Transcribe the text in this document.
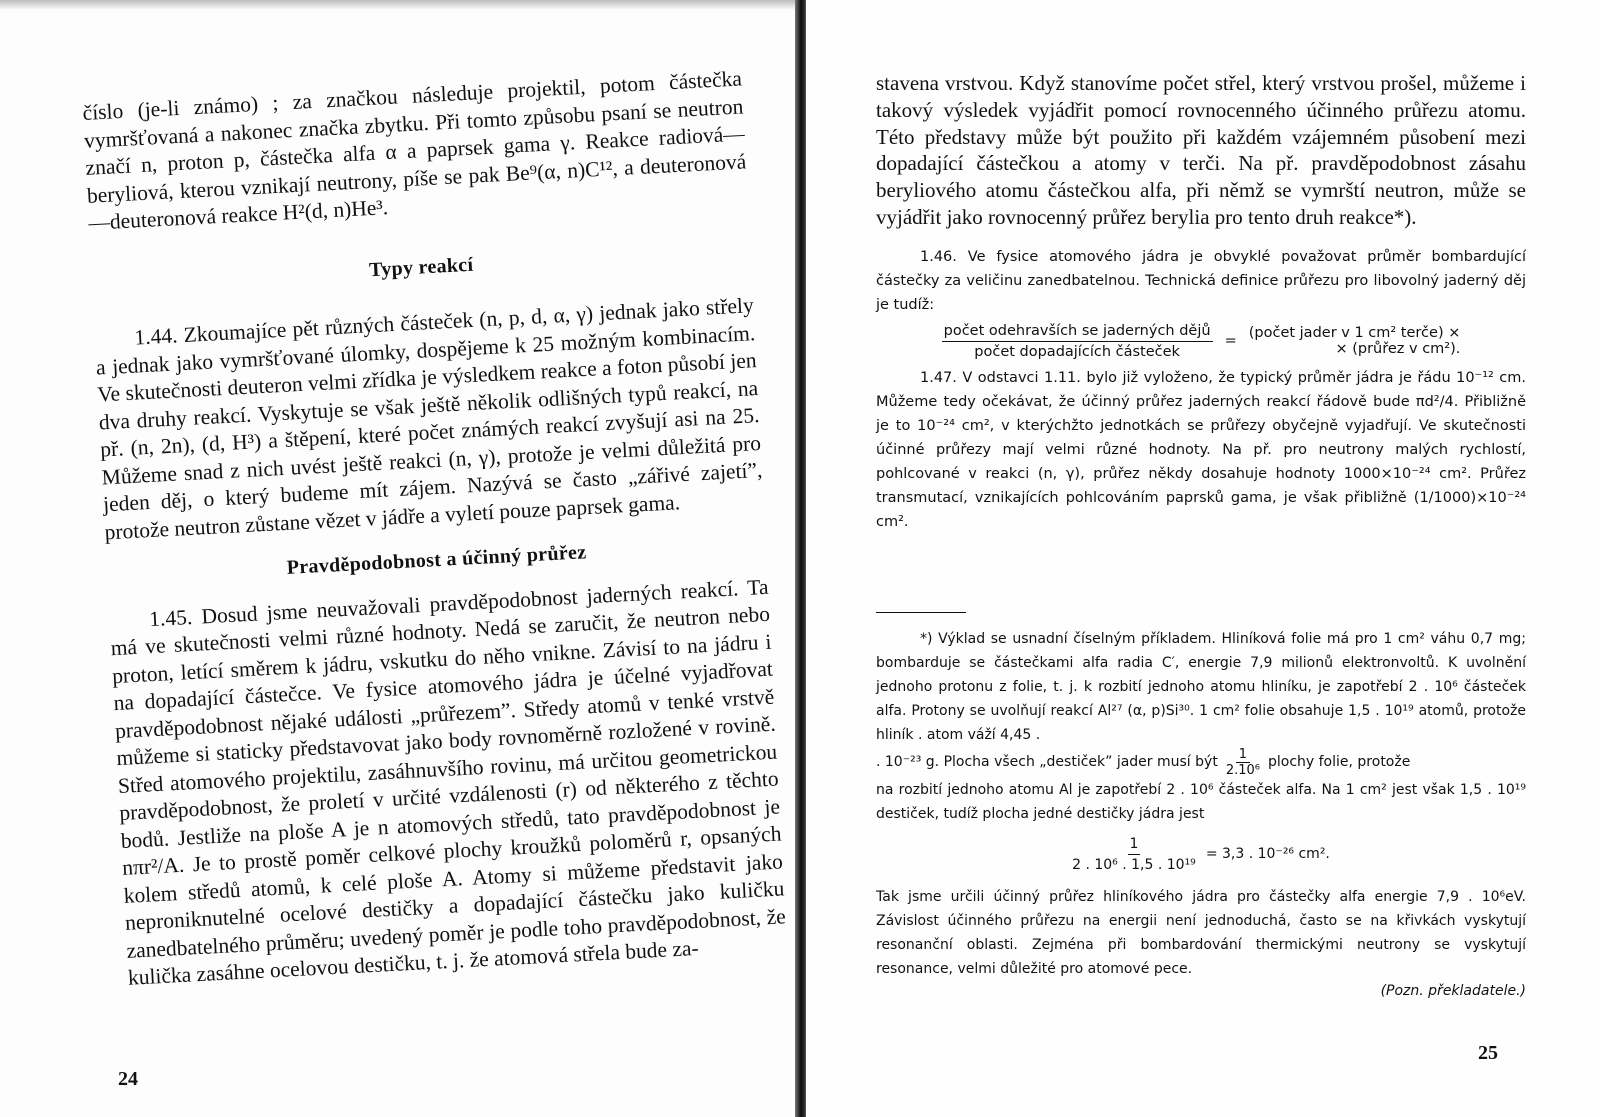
číslo (je-li známo) ; za značkou následuje projektil, potom částečka vymršťovaná a nakonec značka zbytku. Při tomto způsobu psaní se neutron značí n, proton p, částečka alfa α a paprsek gama γ. Reakce radiová—beryliová, kterou vznikají neutrony, píše se pak Be⁹(α, n)C¹², a deuteronová—deuteronová reakce H²(d, n)He³.

Typy reakcí

1.44. Zkoumajíce pět různých částeček (n, p, d, α, γ) jednak jako střely a jednak jako vymršťované úlomky, dospějeme k 25 možným kombinacím. Ve skutečnosti deuteron velmi zřídka je výsledkem reakce a foton působí jen dva druhy reakcí. Vyskytuje se však ještě několik odlišných typů reakcí, na př. (n, 2n), (d, H³) a štěpení, které počet známých reakcí zvyšují asi na 25. Můžeme snad z nich uvést ještě reakci (n, γ), protože je velmi důležitá pro jeden děj, o který budeme mít zájem. Nazývá se často „zářivé zajetí”, protože neutron zůstane vězet v jádře a vyletí pouze paprsek gama.

Pravděpodobnost a účinný průřez

1.45. Dosud jsme neuvažovali pravděpodobnost jaderných reakcí. Ta má ve skutečnosti velmi různé hodnoty. Nedá se zaručit, že neutron nebo proton, letící směrem k jádru, vskutku do něho vnikne. Závisí to na jádru i na dopadající částečce. Ve fysice atomového jádra je účelné vyjadřovat pravděpodobnost nějaké události „průřezem”. Středy atomů v tenké vrstvě můžeme si staticky představovat jako body rovnoměrně rozložené v rovině. Střed atomového projektilu, zasáhnuvšího rovinu, má určitou geometrickou pravděpodobnost, že proletí v určité vzdálenosti (r) od některého z těchto bodů. Jestliže na ploše A je n atomových středů, tato pravděpodobnost je nπr²/A. Je to prostě poměr celkové plochy kroužků poloměrů r, opsaných kolem středů atomů, k celé ploše A. Atomy si můžeme představit jako neproniknutelné ocelové destičky a dopadající částečku jako kuličku zanedbatelného průměru; uvedený poměr je podle toho pravděpodobnost, že kulička zasáhne ocelovou destičku, t. j. že atomová střela bude za-

24

stavena vrstvou. Když stanovíme počet střel, který vrstvou prošel, můžeme i takový výsledek vyjádřit pomocí rovnocenného účinného průřezu atomu. Této představy může být použito při každém vzájemném působení mezi dopadající částečkou a atomy v terči. Na př. pravděpodobnost zásahu beryliového atomu částečkou alfa, při němž se vymrští neutron, může se vyjádřit jako rovnocenný průřez berylia pro tento druh reakce*).

1.46. Ve fysice atomového jádra je obvyklé považovat průměr bombardující částečky za veličinu zanedbatelnou. Technická definice průřezu pro libovolný jaderný děj je tudíž:

$\frac{\text{počet odehravších se jaderných dějů}}{\text{počet dopadajících částeček}}$ = (počet jader v 1 cm² terče) ×
× (průřez v cm²).

1.47. V odstavci 1.11. bylo již vyloženo, že typický průměr jádra je řádu 10⁻¹² cm. Můžeme tedy očekávat, že účinný průřez jaderných reakcí řádově bude πd²/4. Přibližně je to 10⁻²⁴ cm², v kterýchžto jednotkách se průřezy obyčejně vyjadřují. Ve skutečnosti účinné průřezy mají velmi různé hodnoty. Na př. pro neutrony malých rychlostí, pohlcované v reakci (n, γ), průřez někdy dosahuje hodnoty 1000×10⁻²⁴ cm². Průřez transmutací, vznikajících pohlcováním paprsků gama, je však přibližně (1/1000)×10⁻²⁴ cm².

*) Výklad se usnadní číselným příkladem. Hliníková folie má pro 1 cm² váhu 0,7 mg; bombarduje se částečkami alfa radia C′, energie 7,9 milionů elektronvoltů. K uvolnění jednoho protonu z folie, t. j. k rozbití jednoho atomu hliníku, je zapotřebí 2 . 10⁶ částeček alfa. Protony se uvolňují reakcí Al²⁷ (α, p)Si³⁰. 1 cm² folie obsahuje 1,5 . 10¹⁹ atomů, protože hliník . atom váží 4,45 .

. 10⁻²³ g. Plocha všech „destiček” jader musí být $\frac{1}{\text{2.10⁶}}$ plochy folie, protože

na rozbití jednoho atomu Al je zapotřebí 2 . 10⁶ částeček alfa. Na 1 cm² jest však 1,5 . 10¹⁹ destiček, tudíž plocha jedné destičky jádra jest

$\frac{1}{\text{2 . 10⁶ . 1,5 . 10¹⁹}} = 3,3$ . 10⁻²⁶ cm².

Tak jsme určili účinný průřez hliníkového jádra pro částečky alfa energie 7,9 . 10⁶eV. Závislost účinného průřezu na energii není jednoduchá, často se na křivkách vyskytují resonanční oblasti. Zejména při bombardování thermickými neutrony se vyskytují resonance, velmi důležité pro atomové pece.

(Pozn. překladatele.)
25
